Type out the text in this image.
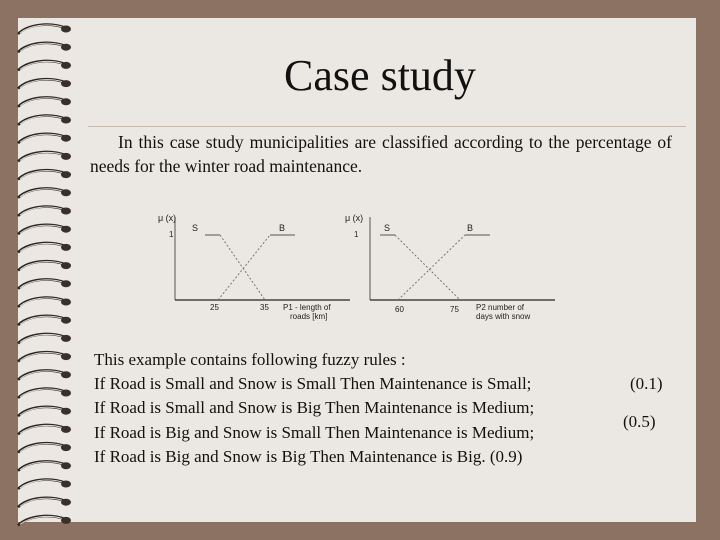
Case study
In this case study municipalities are classified according to the percentage of needs for the winter road maintenance.
μ (x)
1
S	B
25	35 P1 - length of
roads [km]
μ (x)
1
S	B
60	75 P2 number of
days with snow
This example contains following fuzzy rules :
If Road is Small and Snow is Small Then Maintenance is Small;
If Road is Small and Snow is Big Then Maintenance is Medium;
If Road is Big and Snow is Small Then Maintenance is Medium;
If Road is Big and Snow is Big Then Maintenance is Big. (0.9)
(0.1)
(0.5)
